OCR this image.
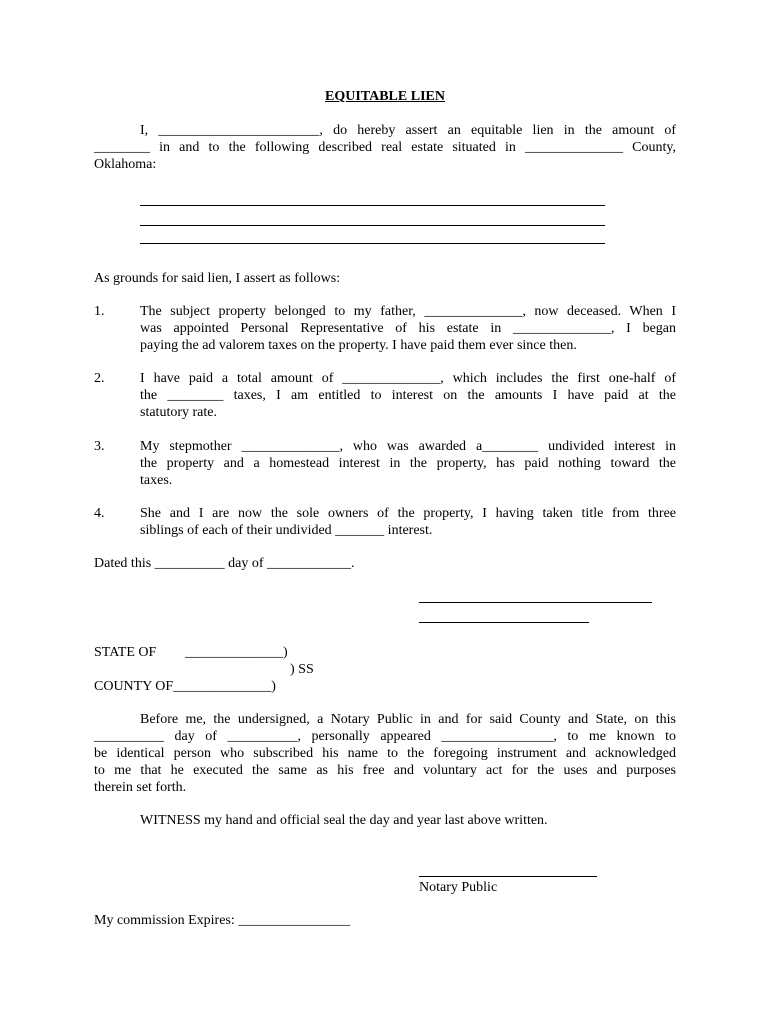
EQUITABLE LIEN
I, _______________________, do hereby assert an equitable lien in the amount of
________ in and to the following described real estate situated in ______________ County,
Oklahoma:
As grounds for said lien, I assert as follows:
1.	The subject property belonged to my father, ______________, now deceased. When I
was appointed Personal Representative of his estate in ______________, I began
paying the ad valorem taxes on the property. I have paid them ever since then.
2.	I have paid a total amount of ______________, which includes the first one-half of
the ________ taxes, I am entitled to interest on the amounts I have paid at the
statutory rate.
3.	My stepmother ______________, who was awarded a________ undivided interest in
the property and a homestead interest in the property, has paid nothing toward the
taxes.
4.	She and I are now the sole owners of the property, I having taken title from three
siblings of each of their undivided _______ interest.
Dated this __________ day of ____________.
STATE OF ______________)
) SS
COUNTY OF______________)
Before me, the undersigned, a Notary Public in and for said County and State, on this
__________ day of __________, personally appeared ________________, to me known to
be identical person who subscribed his name to the foregoing instrument and acknowledged
to me that he executed the same as his free and voluntary act for the uses and purposes
therein set forth.
WITNESS my hand and official seal the day and year last above written.
Notary Public
My commission Expires: ________________
